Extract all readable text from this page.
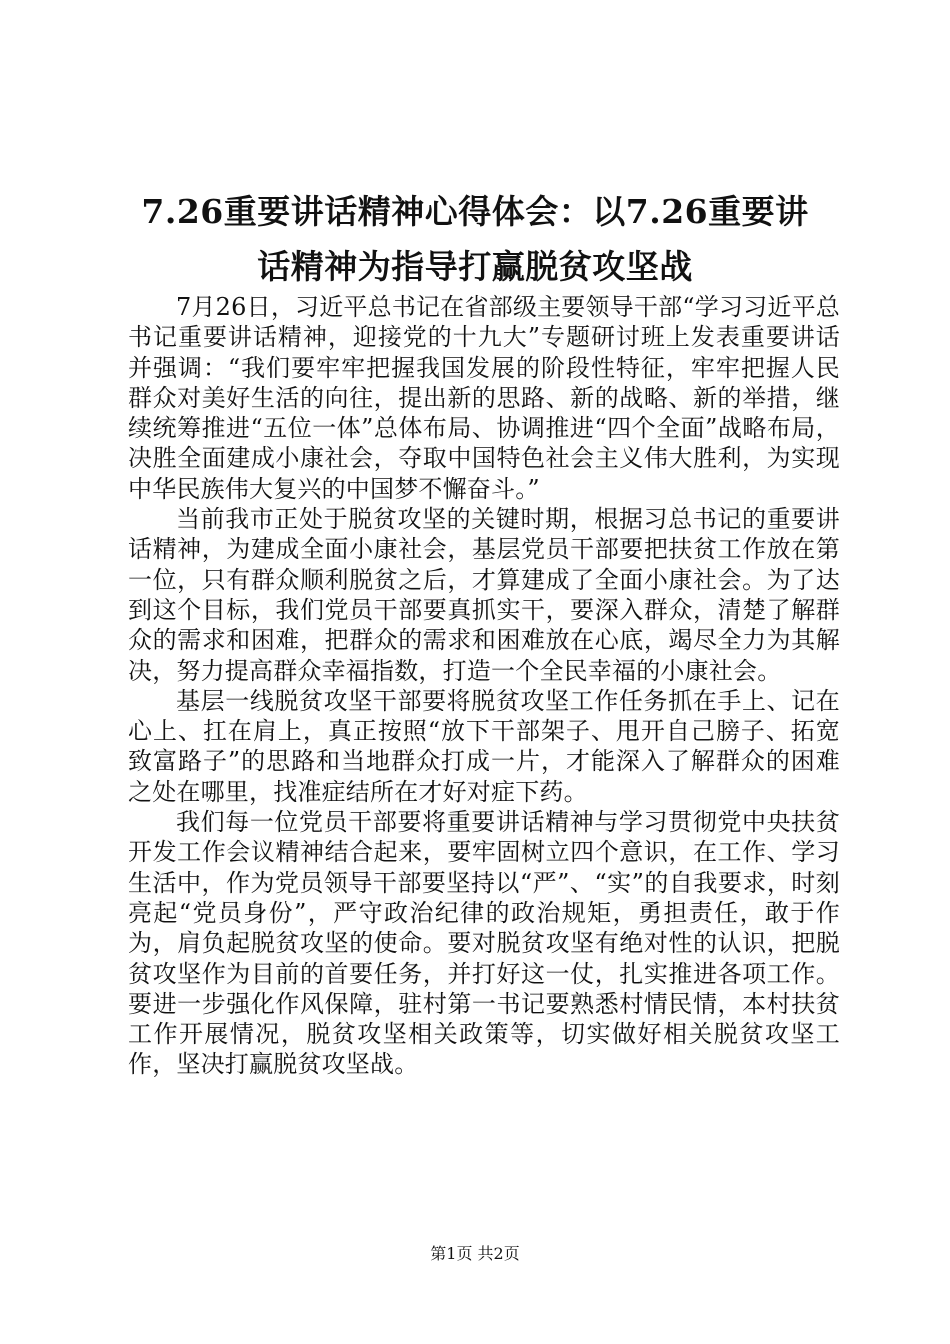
7.26重要讲话精神心得体会：以7.26重要讲
话精神为指导打赢脱贫攻坚战

7月26日，习近平总书记在省部级主要领导干部“学习习近平总书记重要讲话精神，迎接党的十九大”专题研讨班上发表重要讲话并强调：“我们要牢牢把握我国发展的阶段性特征，牢牢把握人民群众对美好生活的向往，提出新的思路、新的战略、新的举措，继续统筹推进“五位一体”总体布局、协调推进“四个全面”战略布局，决胜全面建成小康社会，夺取中国特色社会主义伟大胜利，为实现中华民族伟大复兴的中国梦不懈奋斗。”

当前我市正处于脱贫攻坚的关键时期，根据习总书记的重要讲话精神，为建成全面小康社会，基层党员干部要把扶贫工作放在第一位，只有群众顺利脱贫之后，才算建成了全面小康社会。为了达到这个目标，我们党员干部要真抓实干，要深入群众，清楚了解群众的需求和困难，把群众的需求和困难放在心底，竭尽全力为其解决，努力提高群众幸福指数，打造一个全民幸福的小康社会。

基层一线脱贫攻坚干部要将脱贫攻坚工作任务抓在手上、记在心上、扛在肩上，真正按照“放下干部架子、甩开自己膀子、拓宽致富路子”的思路和当地群众打成一片，才能深入了解群众的困难之处在哪里，找准症结所在才好对症下药。

我们每一位党员干部要将重要讲话精神与学习贯彻党中央扶贫开发工作会议精神结合起来，要牢固树立四个意识，在工作、学习生活中，作为党员领导干部要坚持以“严”、“实”的自我要求，时刻亮起“党员身份”，严守政治纪律的政治规矩，勇担责任，敢于作为，肩负起脱贫攻坚的使命。要对脱贫攻坚有绝对性的认识，把脱贫攻坚作为目前的首要任务，并打好这一仗，扎实推进各项工作。要进一步强化作风保障，驻村第一书记要熟悉村情民情，本村扶贫工作开展情况，脱贫攻坚相关政策等，切实做好相关脱贫攻坚工作，坚决打赢脱贫攻坚战。

第1页 共2页
